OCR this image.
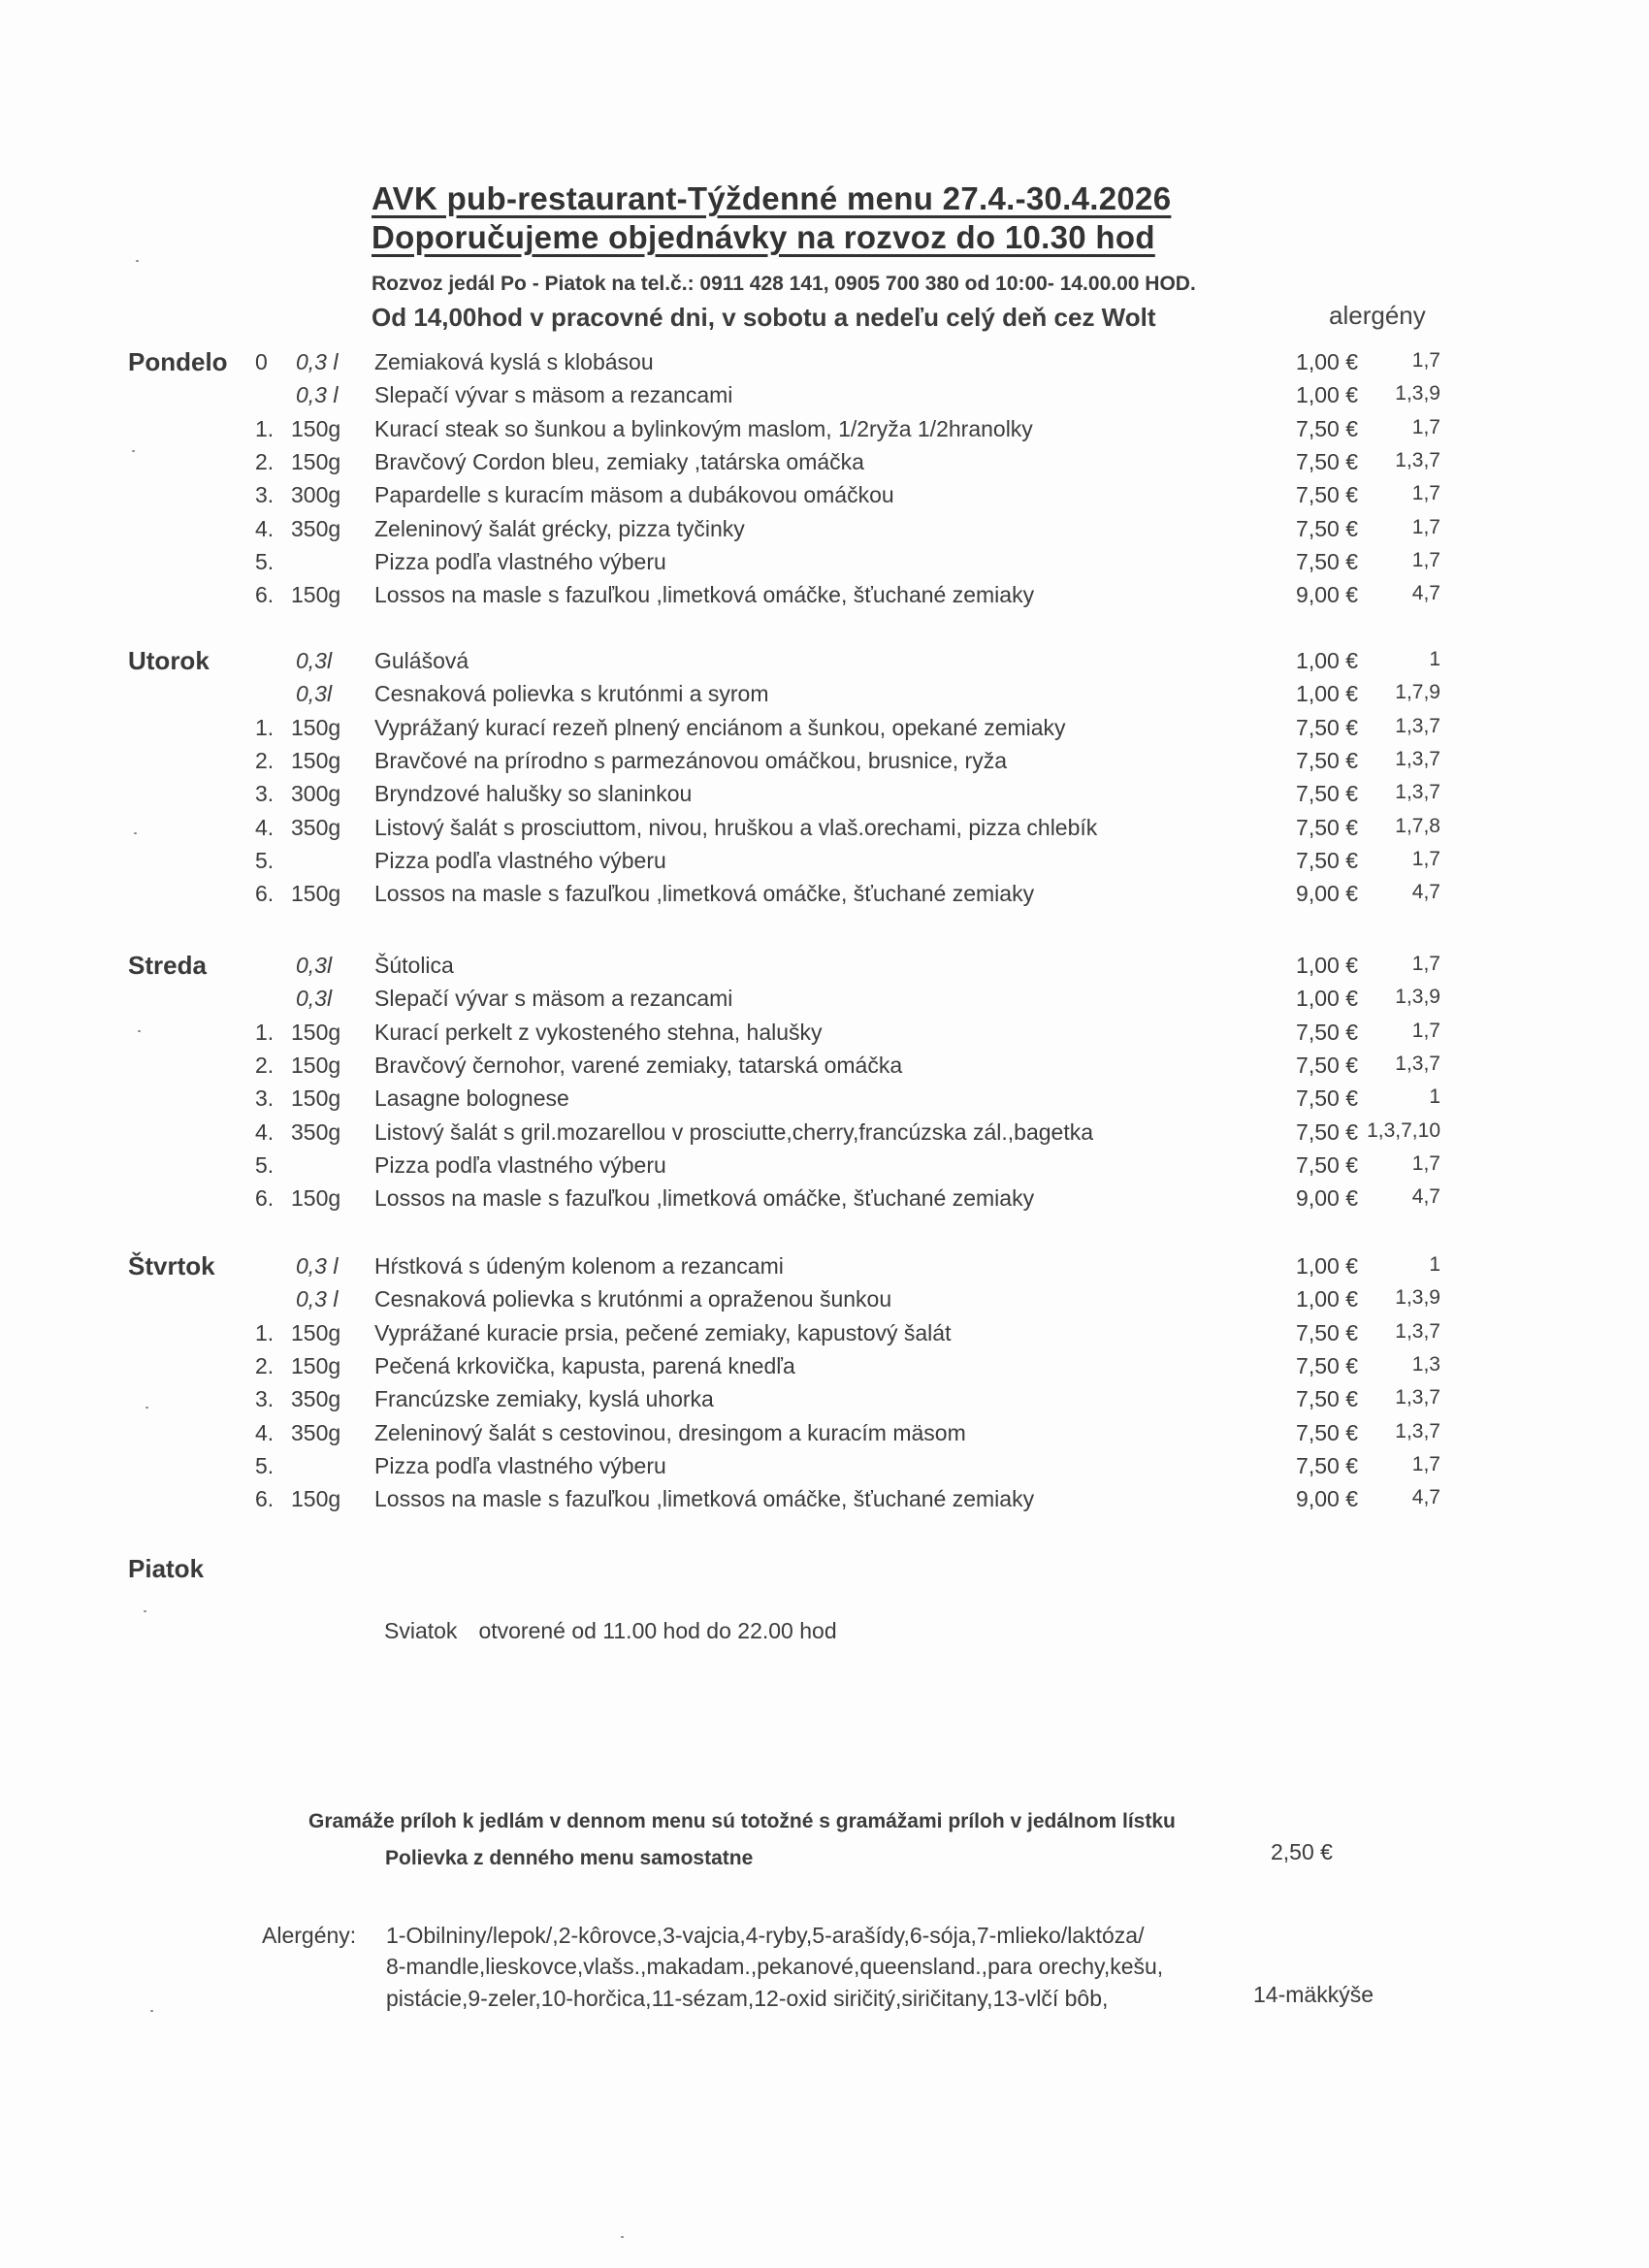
AVK pub-restaurant-Týždenné menu 27.4.-30.4.2026
Doporučujeme objednávky na rozvoz do 10.30 hod
Rozvoz jedál Po - Piatok na tel.č.: 0911 428 141, 0905 700 380 od 10:00- 14.00.00 HOD.
Od 14,00hod v pracovné dni, v sobotu a nedeľu celý deň cez Wolt	alergény
Pondelo 0	0,3 l	Zemiaková kyslá s klobásou	1,00 €	1,7
0,3 l	Slepačí vývar s mäsom a rezancami	1,00 €	1,3,9
1. 150g	Kurací steak so šunkou a bylinkovým maslom, 1/2ryža 1/2hranolky	7,50 €	1,7
2. 150g	Bravčový Cordon bleu, zemiaky ,tatárska omáčka	7,50 €	1,3,7
3. 300g	Papardelle s kuracím mäsom a dubákovou omáčkou	7,50 €	1,7
4. 350g	Zeleninový šalát grécky, pizza tyčinky	7,50 €	1,7
5.	Pizza podľa vlastného výberu	7,50 €	1,7
6. 150g	Lossos na masle s fazuľkou ,limetková omáčke, šťuchané zemiaky	9,00 €	4,7
Utorok	0,3l	Gulášová	1,00 €	1
0,3l	Cesnaková polievka s krutónmi a syrom	1,00 €	1,7,9
1. 150g	Vyprážaný kurací rezeň plnený enciánom a šunkou, opekané zemiaky	7,50 €	1,3,7
2. 150g	Bravčové na prírodno s parmezánovou omáčkou, brusnice, ryža	7,50 €	1,3,7
3. 300g	Bryndzové halušky so slaninkou	7,50 €	1,3,7
4. 350g	Listový šalát s prosciuttom, nivou, hruškou a vlaš.orechami, pizza chlebík	7,50 €	1,7,8
5.	Pizza podľa vlastného výberu	7,50 €	1,7
6. 150g	Lossos na masle s fazuľkou ,limetková omáčke, šťuchané zemiaky	9,00 €	4,7
Streda	0,3l	Šútolica	1,00 €	1,7
0,3l	Slepačí vývar s mäsom a rezancami	1,00 €	1,3,9
1. 150g	Kurací perkelt z vykosteného stehna, halušky	7,50 €	1,7
2. 150g	Bravčový černohor, varené zemiaky, tatarská omáčka	7,50 €	1,3,7
3. 150g	Lasagne bolognese	7,50 €	1
4. 350g	Listový šalát s gril.mozarellou v prosciutte,cherry,francúzska zál.,bagetka	7,50 € 1,3,7,10
5.	Pizza podľa vlastného výberu	7,50 €	1,7
6. 150g	Lossos na masle s fazuľkou ,limetková omáčke, šťuchané zemiaky	9,00 €	4,7
Štvrtok	0,3 l	Hŕstková s údeným kolenom a rezancami	1,00 €	1
0,3 l	Cesnaková polievka s krutónmi a opraženou šunkou	1,00 €	1,3,9
1. 150g	Vyprážané kuracie prsia, pečené zemiaky, kapustový šalát	7,50 €	1,3,7
2. 150g	Pečená krkovička, kapusta, parená knedľa	7,50 €	1,3
3. 350g	Francúzske zemiaky, kyslá uhorka	7,50 €	1,3,7
4. 350g	Zeleninový šalát s cestovinou, dresingom a kuracím mäsom	7,50 €	1,3,7
5.	Pizza podľa vlastného výberu	7,50 €	1,7
6. 150g	Lossos na masle s fazuľkou ,limetková omáčke, šťuchané zemiaky	9,00 €	4,7
Piatok
Sviatok otvorené od 11.00 hod do 22.00 hod
Gramáže príloh k jedlám v dennom menu sú totožné s gramážami príloh v jedálnom lístku
Polievka z denného menu samostatne	2,50 €
Alergény: 1-Obilniny/lepok/,2-kôrovce,3-vajcia,4-ryby,5-arašídy,6-sója,7-mlieko/laktóza/
8-mandle,lieskovce,vlašs.,makadam.,pekanové,queensland.,para orechy,kešu,
pistácie,9-zeler,10-horčica,11-sézam,12-oxid siričitý,siričitany,13-vlčí bôb,	14-mäkkýše
